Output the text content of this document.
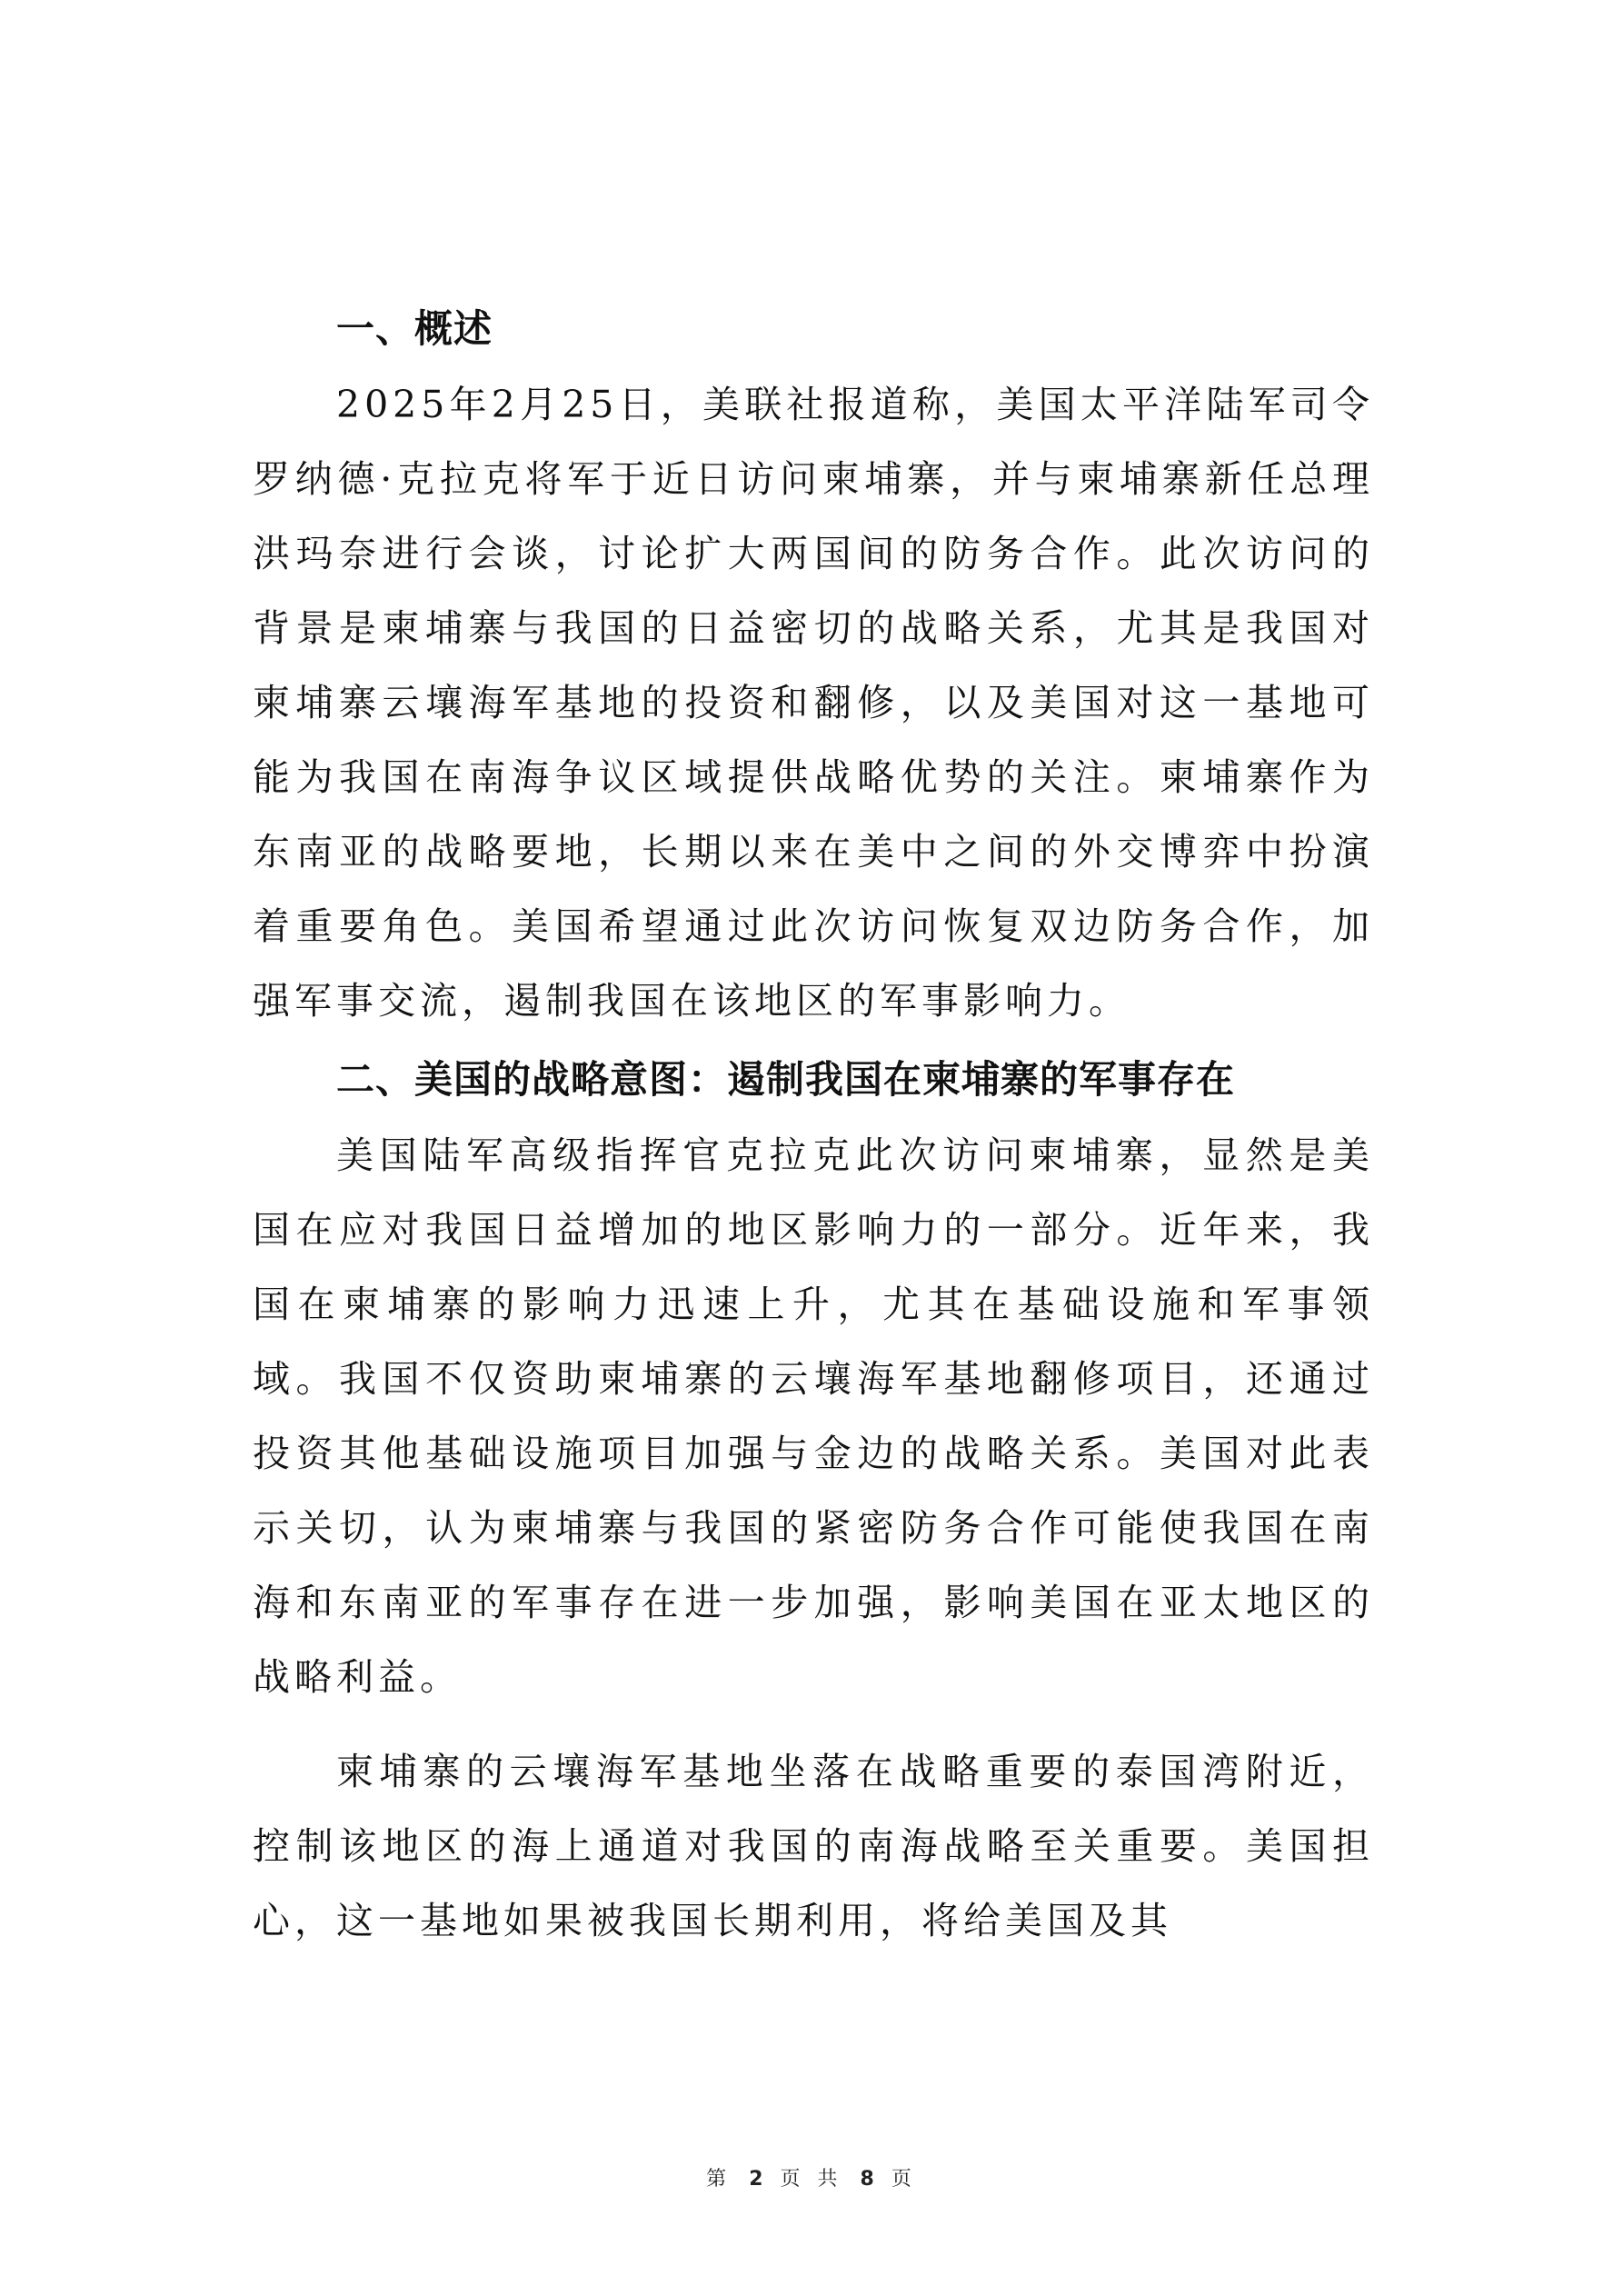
一、概述

2025年2月25日，美联社报道称，美国太平洋陆军司令罗纳德·克拉克将军于近日访问柬埔寨，并与柬埔寨新任总理洪玛奈进行会谈，讨论扩大两国间的防务合作。此次访问的背景是柬埔寨与我国的日益密切的战略关系，尤其是我国对柬埔寨云壤海军基地的投资和翻修，以及美国对这一基地可能为我国在南海争议区域提供战略优势的关注。柬埔寨作为东南亚的战略要地，长期以来在美中之间的外交博弈中扮演着重要角色。美国希望通过此次访问恢复双边防务合作，加强军事交流，遏制我国在该地区的军事影响力。

二、美国的战略意图：遏制我国在柬埔寨的军事存在

美国陆军高级指挥官克拉克此次访问柬埔寨，显然是美国在应对我国日益增加的地区影响力的一部分。近年来，我国在柬埔寨的影响力迅速上升，尤其在基础设施和军事领域。我国不仅资助柬埔寨的云壤海军基地翻修项目，还通过投资其他基础设施项目加强与金边的战略关系。美国对此表示关切，认为柬埔寨与我国的紧密防务合作可能使我国在南海和东南亚的军事存在进一步加强，影响美国在亚太地区的战略利益。

柬埔寨的云壤海军基地坐落在战略重要的泰国湾附近，控制该地区的海上通道对我国的南海战略至关重要。美国担心，这一基地如果被我国长期利用，将给美国及其

第 2 页 共 8 页
